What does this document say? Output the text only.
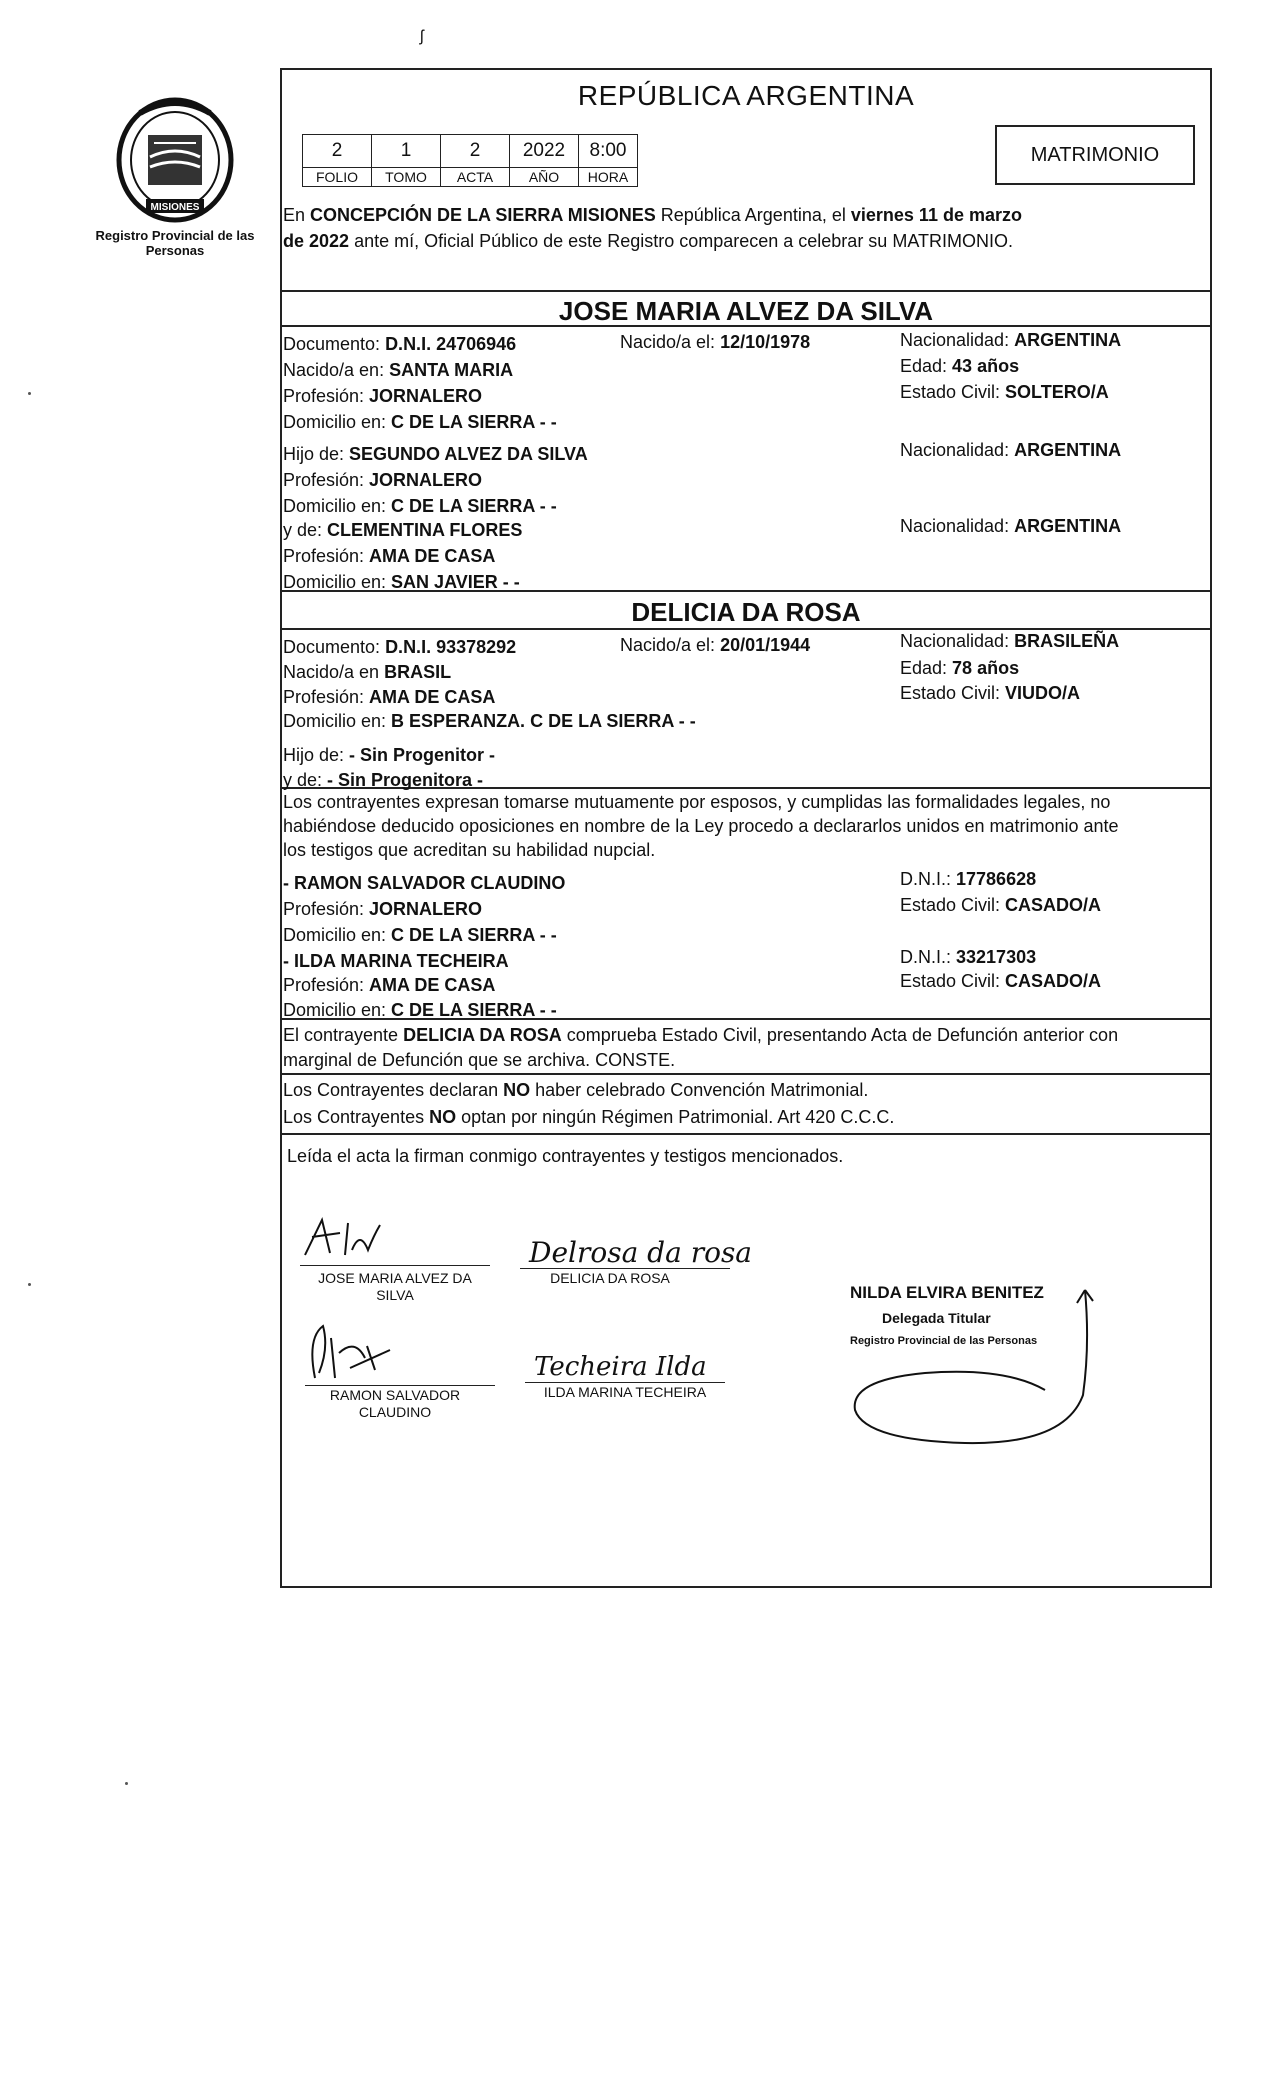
ʃ
MISIONES
Registro Provincial de las Personas
REPÚBLICA ARGENTINA
2	1	2	2022	8:00
FOLIO	TOMO	ACTA	AÑO	HORA
MATRIMONIO
En CONCEPCIÓN DE LA SIERRA MISIONES República Argentina, el viernes 11 de marzo
de 2022 ante mí, Oficial Público de este Registro comparecen a celebrar su MATRIMONIO.
JOSE MARIA ALVEZ DA SILVA
Documento: D.N.I. 24706946	Nacido/a el: 12/10/1978	Nacionalidad: ARGENTINA
Nacido/a en: SANTA MARIA	Edad: 43 años
Profesión: JORNALERO	Estado Civil: SOLTERO/A
Domicilio en: C DE LA SIERRA - -
Hijo de: SEGUNDO ALVEZ DA SILVA	Nacionalidad: ARGENTINA
Profesión: JORNALERO
Domicilio en: C DE LA SIERRA - -
y de: CLEMENTINA FLORES	Nacionalidad: ARGENTINA
Profesión: AMA DE CASA
Domicilio en: SAN JAVIER - -
DELICIA DA ROSA
Documento: D.N.I. 93378292	Nacido/a el: 20/01/1944	Nacionalidad: BRASILEÑA
Nacido/a en BRASIL	Edad: 78 años
Profesión: AMA DE CASA	Estado Civil: VIUDO/A
Domicilio en: B ESPERANZA. C DE LA SIERRA - -
Hijo de: - Sin Progenitor -
y de: - Sin Progenitora -
Los contrayentes expresan tomarse mutuamente por esposos, y cumplidas las formalidades legales, no
habiéndose deducido oposiciones en nombre de la Ley procedo a declararlos unidos en matrimonio ante
los testigos que acreditan su habilidad nupcial.
- RAMON SALVADOR CLAUDINO	D.N.I.: 17786628
Profesión: JORNALERO	Estado Civil: CASADO/A
Domicilio en: C DE LA SIERRA - -
- ILDA MARINA TECHEIRA	D.N.I.: 33217303
Profesión: AMA DE CASA	Estado Civil: CASADO/A
Domicilio en: C DE LA SIERRA - -
El contrayente DELICIA DA ROSA comprueba Estado Civil, presentando Acta de Defunción anterior con
marginal de Defunción que se archiva. CONSTE.
Los Contrayentes declaran NO haber celebrado Convención Matrimonial.
Los Contrayentes NO optan por ningún Régimen Patrimonial. Art 420 C.C.C.
Leída el acta la firman conmigo contrayentes y testigos mencionados.
JOSE MARIA ALVEZ DA
SILVA
Delrosa da rosa
DELICIA DA ROSA
RAMON SALVADOR
CLAUDINO
Techeira Ilda
ILDA MARINA TECHEIRA
NILDA ELVIRA BENITEZ
Delegada Titular
Registro Provincial de las Personas
